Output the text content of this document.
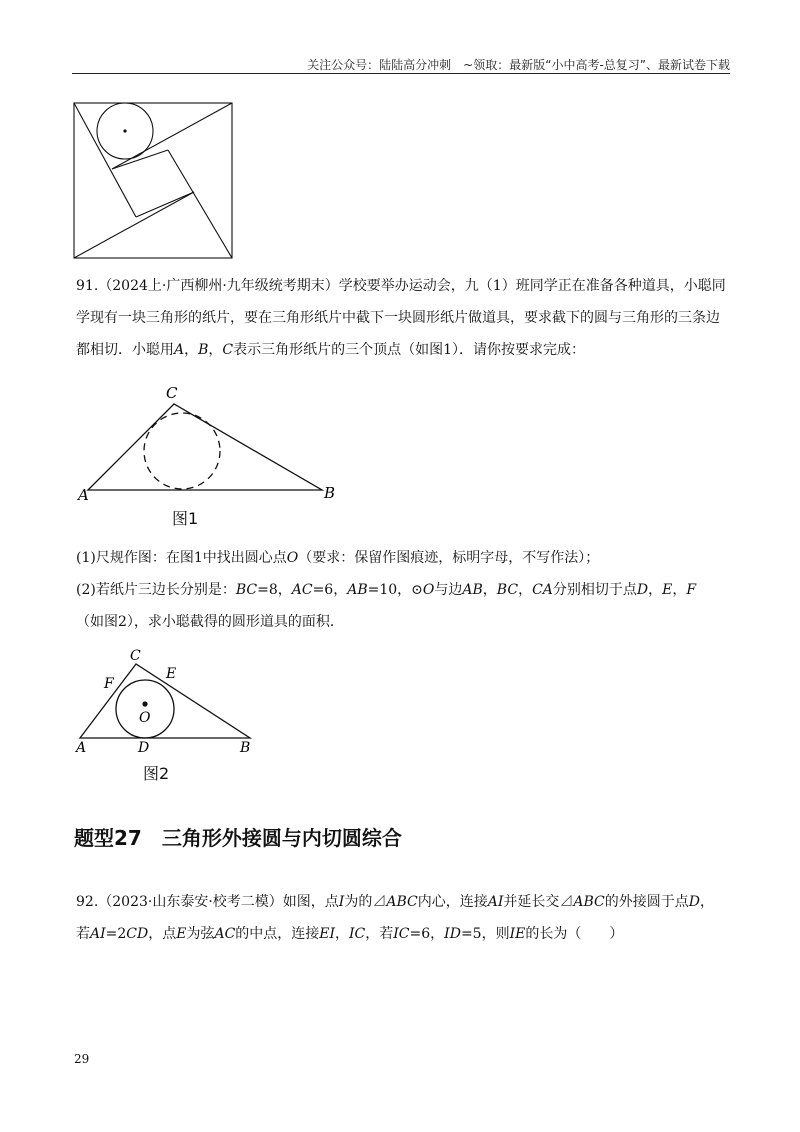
关注公众号：陆陆高分冲刺　~领取：最新版“小中高考-总复习”、最新试卷下载

91.（2024上·广西柳州·九年级统考期末）学校要举办运动会，九（1）班同学正在准备各种道具，小聪同

学现有一块三角形的纸片，要在三角形纸片中截下一块圆形纸片做道具，要求截下的圆与三角形的三条边

都相切．小聪用A，B，C表示三角形纸片的三个顶点（如图1）．请你按要求完成：

A
C
B
图1

(1)尺规作图：在图1中找出圆心点O（要求：保留作图痕迹，标明字母，不写作法）；

(2)若纸片三边长分别是：BC=8，AC=6，AB=10，⊙O与边AB，BC，CA分别相切于点D，E，F

（如图2），求小聪截得的圆形道具的面积．

A
C
B
D
E
F
O
图2
题型27　三角形外接圆与内切圆综合

92.（2023·山东泰安·校考二模）如图，点I为的⊿ABC内心，连接AI并延长交⊿ABC的外接圆于点D，

若AI=2CD，点E为弦AC的中点，连接EI，IC，若IC=6，ID=5，则IE的长为（　　）

29
